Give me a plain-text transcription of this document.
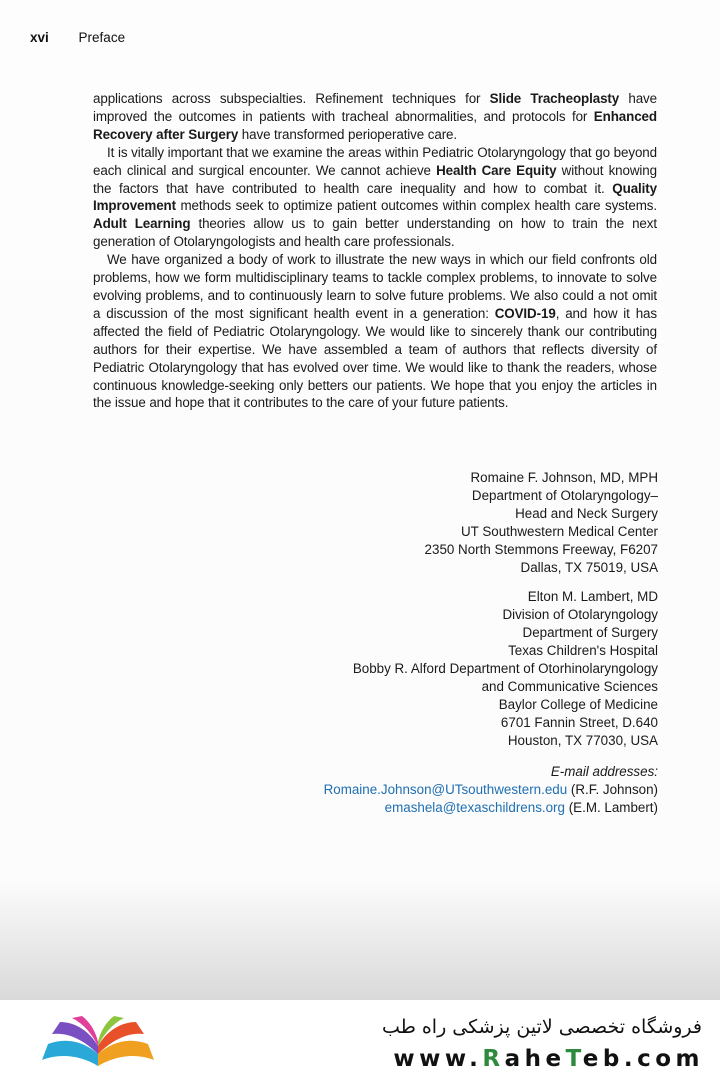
xvi Preface

applications across subspecialties. Refinement techniques for Slide Tracheoplasty have improved the outcomes in patients with tracheal abnormalities, and protocols for Enhanced Recovery after Surgery have transformed perioperative care.

It is vitally important that we examine the areas within Pediatric Otolaryngology that go beyond each clinical and surgical encounter. We cannot achieve Health Care Equity without knowing the factors that have contributed to health care inequality and how to combat it. Quality Improvement methods seek to optimize patient outcomes within complex health care systems. Adult Learning theories allow us to gain better understanding on how to train the next generation of Otolaryngologists and health care professionals.

We have organized a body of work to illustrate the new ways in which our field confronts old problems, how we form multidisciplinary teams to tackle complex problems, to innovate to solve evolving problems, and to continuously learn to solve future problems. We also could a not omit a discussion of the most significant health event in a generation: COVID-19, and how it has affected the field of Pediatric Otolaryngology. We would like to sincerely thank our contributing authors for their expertise. We have assembled a team of authors that reflects diversity of Pediatric Otolaryngology that has evolved over time. We would like to thank the readers, whose continuous knowledge-seeking only betters our patients. We hope that you enjoy the articles in the issue and hope that it contributes to the care of your future patients.

Romaine F. Johnson, MD, MPH
Department of Otolaryngology–
Head and Neck Surgery
UT Southwestern Medical Center
2350 North Stemmons Freeway, F6207
Dallas, TX 75019, USA
Elton M. Lambert, MD
Division of Otolaryngology
Department of Surgery
Texas Children's Hospital
Bobby R. Alford Department of Otorhinolaryngology
and Communicative Sciences
Baylor College of Medicine
6701 Fannin Street, D.640
Houston, TX 77030, USA
E-mail addresses:
Romaine.Johnson@UTsouthwestern.edu (R.F. Johnson)
emashela@texaschildrens.org (E.M. Lambert)
فروشگاه تخصصی لاتین پزشکی راه طب
www.RaheTeb.com
